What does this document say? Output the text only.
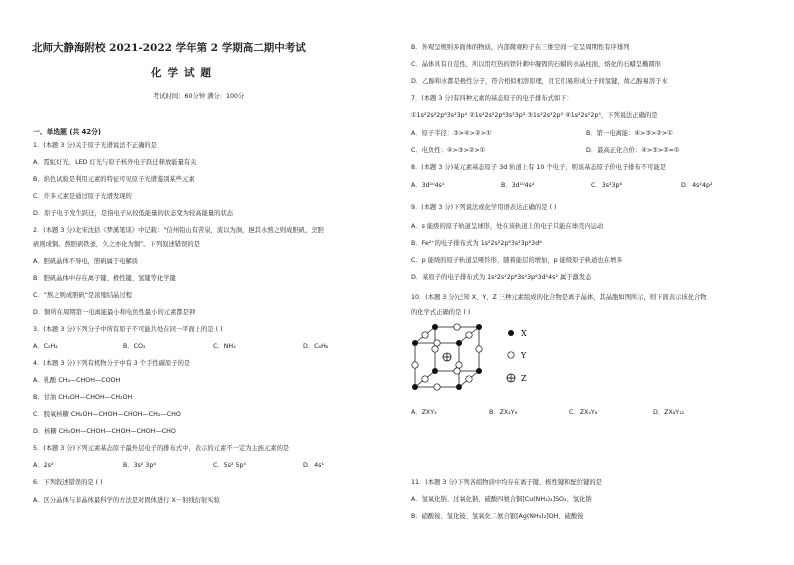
北师大静海附校 2021-2022 学年第 2 学期高二期中考试
化学试题
考试时间：60分钟 满分：100分
一、单选题 (共 42分)
1．(本题 3 分)关于原子光谱说法不正确的是
A．霓虹灯光、LED 灯光与原子核外电子跃迁释放能量有关
B．焰色试验是利用元素的特征可见原子光谱鉴别某些元素
C．许多元素是通过原子光谱发现的
D．原子电子发生跃迁，是指电子从较低能量的状态变为较高能量的状态
2．(本题 3 分)北宋沈括《梦溪笔谈》中记载：“信州铅山有苦泉，流以为涧，挹其水熬之则成胆矾，烹胆
矾则成铜。熬胆矾铁釜，久之亦化为铜”。下列叙述错误的是
A．胆矾晶体不导电，胆矾属于电解质
B．胆矾晶体中存在离子键、极性键、氢键等化学键
C．“熬之则成胆矾”是浓缩结晶过程
D．铜所在周期第一电离能最小和电负性最小的元素都是钾
3．(本题 3 分)下列分子中所有原子不可能共处在同一平面上的是 ( )
A．C₂H₂	B．CO₂	C．NH₃	D．C₆H₆
4．(本题 3 分)下列有机物分子中有 3 个手性碳原子的是
A．乳酸 CH₃—CHOH—COOH
B．甘油 CH₂OH—CHOH—CH₂OH
C．脱氧核糖 CH₂OH—CHOH—CHOH—CH₂—CHO
D．核糖 CH₂OH—CHOH—CHOH—CHOH—CHO
5．(本题 3 分)下列元素基态原子最外层电子的排布式中，表示的元素不一定为主族元素的是
A．2s²	B．3s² 3p⁴	C．5s² 5p⁵	D．4s¹
6．下列叙述错误的是 ( )
A．区分晶体与非晶体最科学的方法是对固体进行 X－射线衍射实验
B．外观呈规则多面体的物质，内部微观粒子在三维空间一定呈周期性有序排列
C．晶体具有自范性，所以用红热的铁针刺中凝固的石蜡的水晶柱面，熔化的石蜡呈椭圆形
D．乙醇和水都是极性分子，符合相似相溶原理，且它们易形成分子间氢键，故乙醇易溶于水
7．(本题 3 分)有四种元素的基态原子的电子排布式如下：
①1s²2s²2p⁶3s²3p⁴ ②1s²2s²2p⁶3s²3p³ ③1s²2s²2p³ ④1s²2s²2p⁵，下列说法正确的是
A．原子半径：③>④>②>①	B．第一电离能：④>③>②>①
C．电负性：④>③>②>①	D．最高正化合价：④>③>②=①
8．(本题 3 分)某元素基态原子 3d 轨道上有 10 个电子，则该基态原子价电子排布不可能是
A．3d¹⁰4s¹	B．3d¹⁰4s²	C．3s²3p⁶	D．4s²4p²
9．(本题 3 分)下列说法或化学用语表达正确的是 ( )
A．s 能级的原子轨道呈球形，处在该轨道上的电子只能在球壳内运动
B．Fe²⁺的电子排布式为 1s²2s²2p⁶3s²3p⁶3d⁶
C．p 能级的原子轨道呈哑铃形，随着能层的增加，p 能级原子轨道也在增多
D．某原子的电子排布式为 1s²2s²2p⁶3s²3p⁶3d¹4s² 属于激发态
10．(本题 3 分)已知 X、Y、Z 三种元素组成的化合物是离子晶体，其晶胞如图所示，则下面表示该化合物
的化学式正确的是 ( )
X
Y
Z
A．ZXY₃	B．ZX₂Y₆	C．ZX₄Y₈	D．ZX₈Y₁₂
11．(本题 3 分)下列各组物质中均存在离子键、极性键和配位键的是
A．氢氧化钠、过氧化钠、硫酸四氨合铜[Cu(NH₃)₄]SO₄、氢化钠
B．硝酸铵、氢化铵、氢氧化二氨合银[Ag(NH₃)₂]OH、硫酸铵
